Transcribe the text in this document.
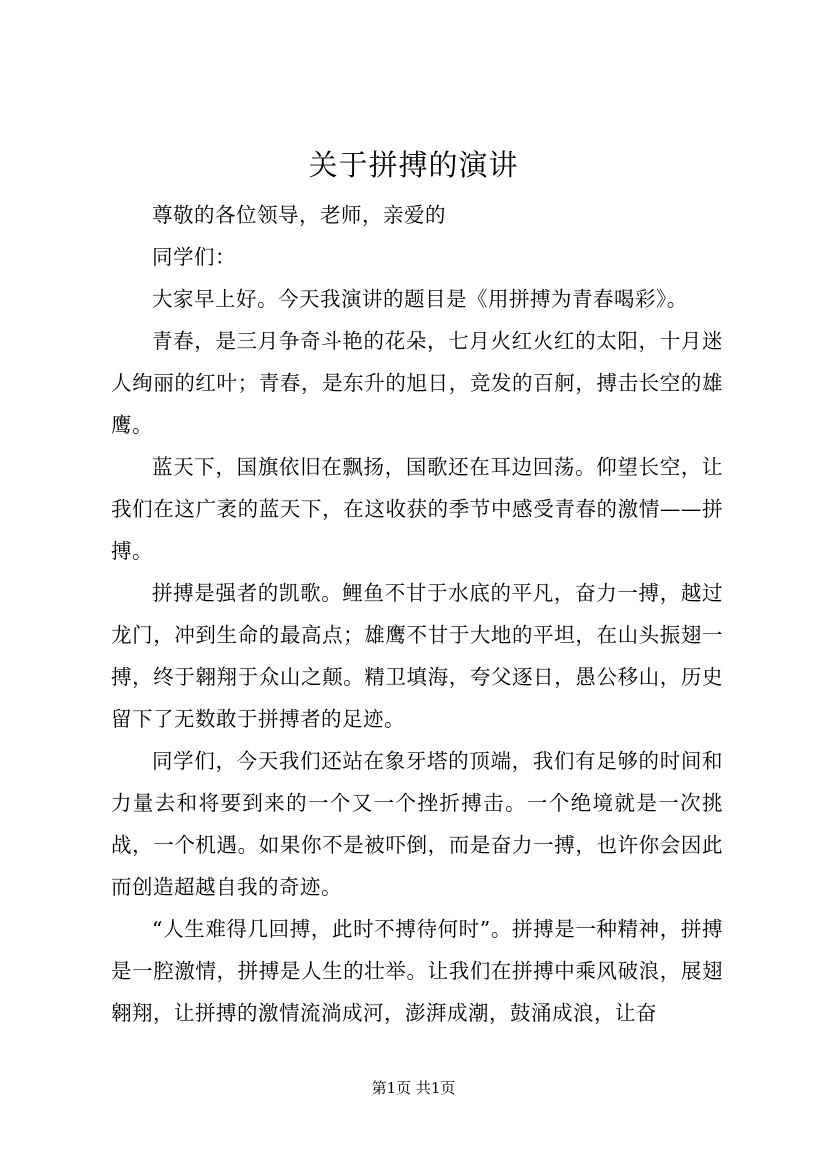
关于拼搏的演讲

尊敬的各位领导，老师，亲爱的

同学们：

大家早上好。今天我演讲的题目是《用拼搏为青春喝彩》。

青春，是三月争奇斗艳的花朵，七月火红火红的太阳，十月迷人绚丽的红叶；青春，是东升的旭日，竞发的百舸，搏击长空的雄鹰。

蓝天下，国旗依旧在飘扬，国歌还在耳边回荡。仰望长空，让我们在这广袤的蓝天下，在这收获的季节中感受青春的激情——拼搏。

拼搏是强者的凯歌。鲤鱼不甘于水底的平凡，奋力一搏，越过龙门，冲到生命的最高点；雄鹰不甘于大地的平坦，在山头振翅一搏，终于翱翔于众山之颠。精卫填海，夸父逐日，愚公移山，历史留下了无数敢于拼搏者的足迹。

同学们，今天我们还站在象牙塔的顶端，我们有足够的时间和力量去和将要到来的一个又一个挫折搏击。一个绝境就是一次挑战，一个机遇。如果你不是被吓倒，而是奋力一搏，也许你会因此而创造超越自我的奇迹。

“人生难得几回搏，此时不搏待何时”。拼搏是一种精神，拼搏是一腔激情，拼搏是人生的壮举。让我们在拼搏中乘风破浪，展翅翱翔，让拼搏的激情流淌成河，澎湃成潮，鼓涌成浪，让奋

第1页 共1页
